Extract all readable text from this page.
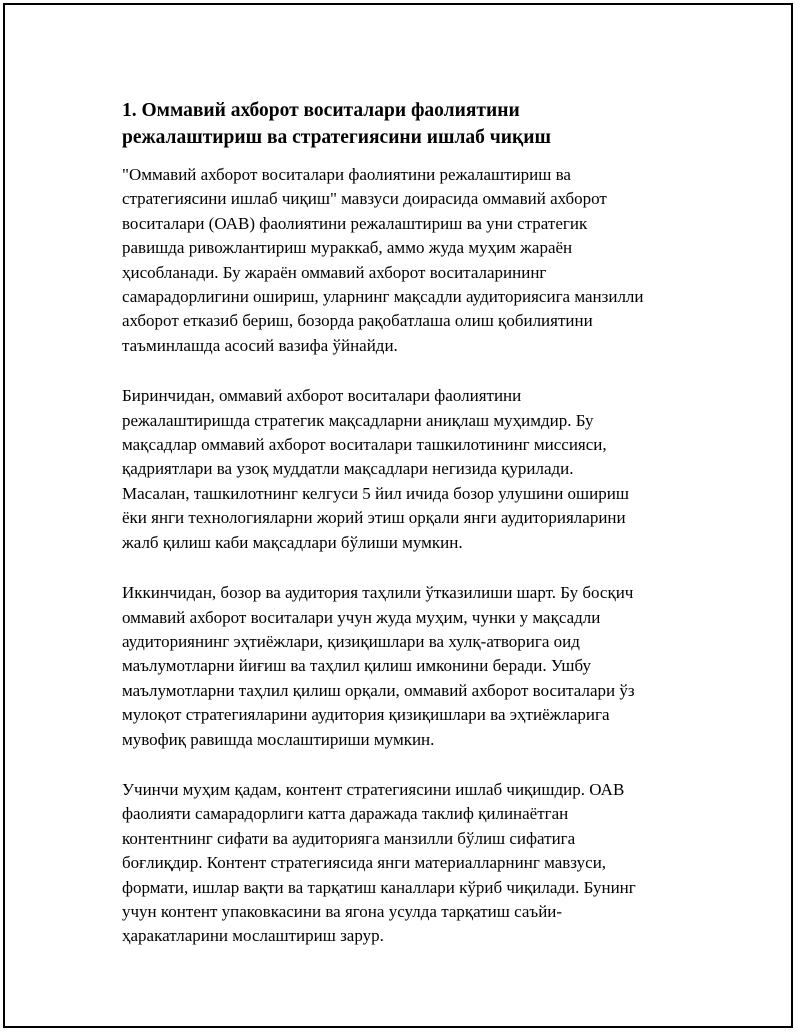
1. Оммавий ахборот воситалари фаолиятини
режалаштириш ва стратегиясини ишлаб чиқиш

"Оммавий ахборот воситалари фаолиятини режалаштириш ва
стратегиясини ишлаб чиқиш" мавзуси доирасида оммавий ахборот
воситалари (ОАВ) фаолиятини режалаштириш ва уни стратегик
равишда ривожлантириш мураккаб, аммо жуда муҳим жараён
ҳисобланади. Бу жараён оммавий ахборот воситаларининг
самарадорлигини ошириш, уларнинг мақсадли аудиториясига манзилли
ахборот етказиб бериш, бозорда рақобатлаша олиш қобилиятини
таъминлашда асосий вазифа ўйнайди.

Биринчидан, оммавий ахборот воситалари фаолиятини
режалаштиришда стратегик мақсадларни аниқлаш муҳимдир. Бу
мақсадлар оммавий ахборот воситалари ташкилотининг миссияси,
қадриятлари ва узоқ муддатли мақсадлари негизида қурилади.
Масалан, ташкилотнинг келгуси 5 йил ичида бозор улушини ошириш
ёки янги технологияларни жорий этиш орқали янги аудиторияларини
жалб қилиш каби мақсадлари бўлиши мумкин.

Иккинчидан, бозор ва аудитория таҳлили ўтказилиши шарт. Бу босқич
оммавий ахборот воситалари учун жуда муҳим, чунки у мақсадли
аудиториянинг эҳтиёжлари, қизиқишлари ва хулқ-атворига оид
маълумотларни йиғиш ва таҳлил қилиш имконини беради. Ушбу
маълумотларни таҳлил қилиш орқали, оммавий ахборот воситалари ўз
мулоқот стратегияларини аудитория қизиқишлари ва эҳтиёжларига
мувофиқ равишда мослаштириши мумкин.

Учинчи муҳим қадам, контент стратегиясини ишлаб чиқишдир. ОАВ
фаолияти самарадорлиги катта даражада таклиф қилинаётган
контентнинг сифати ва аудиторияга манзилли бўлиш сифатига
боғлиқдир. Контент стратегиясида янги материалларнинг мавзуси,
формати, ишлар вақти ва тарқатиш каналлари кўриб чиқилади. Бунинг
учун контент упаковкасини ва ягона усулда тарқатиш саъйи-
ҳаракатларини мослаштириш зарур.
